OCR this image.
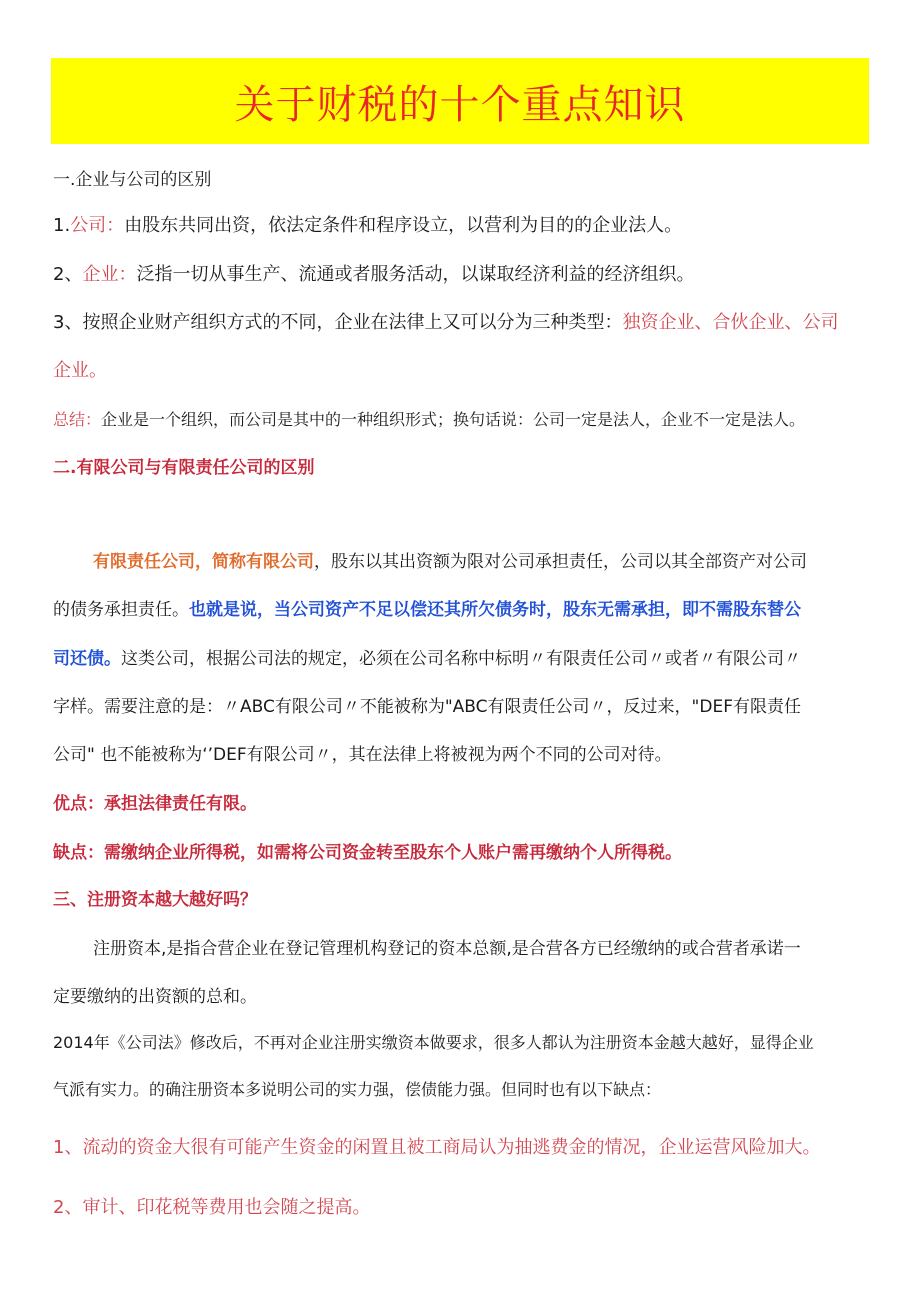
关于财税的十个重点知识
一.企业与公司的区别
1.公司：由股东共同出资，依法定条件和程序设立，以营利为目的的企业法人。
2、企业：泛指一切从事生产、流通或者服务活动，以谋取经济利益的经济组织。
3、按照企业财产组织方式的不同，企业在法律上又可以分为三种类型：独资企业、合伙企业、公司
企业。
总结：企业是一个组织，而公司是其中的一种组织形式；换句话说：公司一定是法人，企业不一定是法人。
二.有限公司与有限责任公司的区别
有限责任公司，简称有限公司，股东以其出资额为限对公司承担责任，公司以其全部资产对公司
的债务承担责任。也就是说，当公司资产不足以偿还其所欠债务时，股东无需承担，即不需股东替公
司还债。这类公司，根据公司法的规定，必须在公司名称中标明〃有限责任公司〃或者〃有限公司〃
字样。需要注意的是：〃ABC有限公司〃不能被称为"ABC有限责任公司〃，反过来，"DEF有限责任
公司" 也不能被称为‘’DEF有限公司〃，其在法律上将被视为两个不同的公司对待。
优点：承担法律责任有限。
缺点：需缴纳企业所得税，如需将公司资金转至股东个人账户需再缴纳个人所得税。
三、注册资本越大越好吗？
注册资本,是指合营企业在登记管理机构登记的资本总额,是合营各方已经缴纳的或合营者承诺一
定要缴纳的出资额的总和。
2014年《公司法》修改后，不再对企业注册实缴资本做要求，很多人都认为注册资本金越大越好，显得企业
气派有实力。的确注册资本多说明公司的实力强，偿债能力强。但同时也有以下缺点：
1、流动的资金大很有可能产生资金的闲置且被工商局认为抽逃费金的情况，企业运营风险加大。
2、审计、印花税等费用也会随之提高。
